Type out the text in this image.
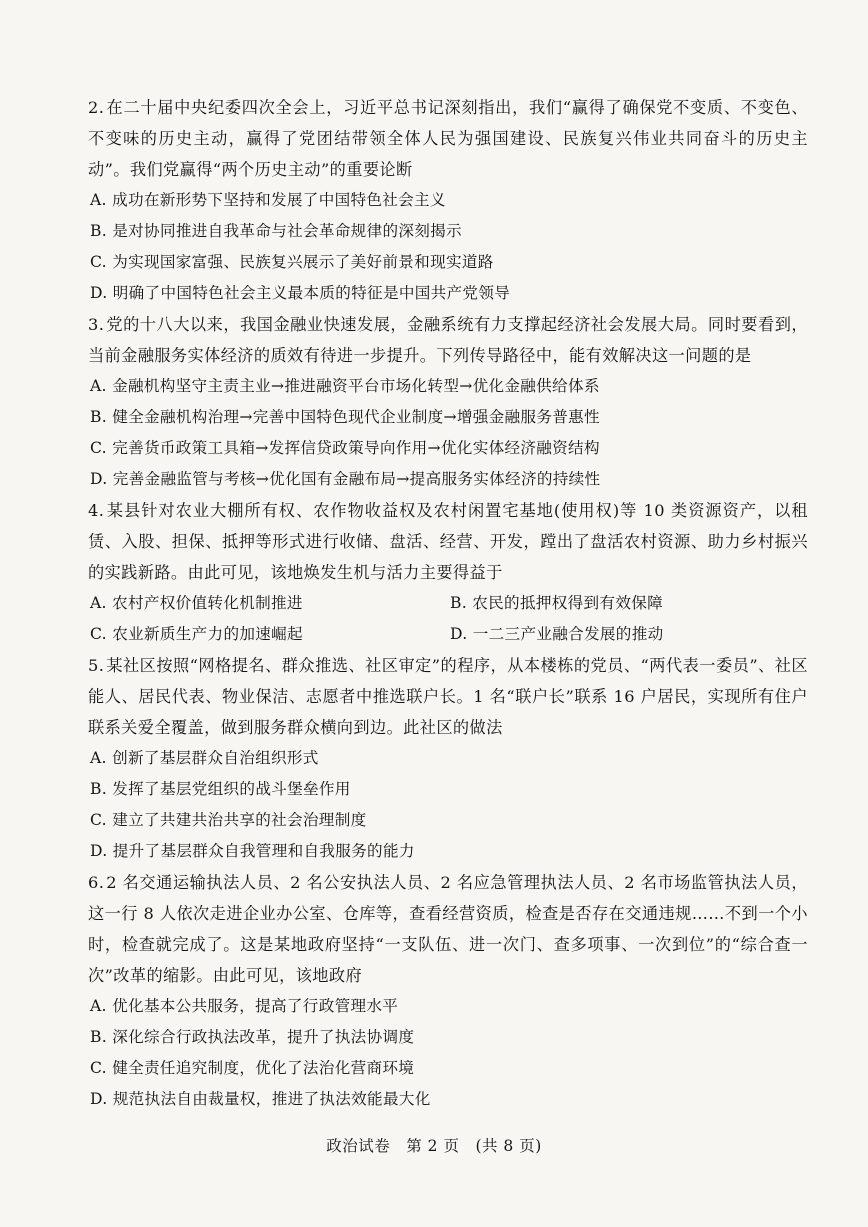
2. 在二十届中央纪委四次全会上，习近平总书记深刻指出，我们“赢得了确保党不变质、不变色、不变味的历史主动，赢得了党团结带领全体人民为强国建设、民族复兴伟业共同奋斗的历史主动”。我们党赢得“两个历史主动”的重要论断

A. 成功在新形势下坚持和发展了中国特色社会主义

B. 是对协同推进自我革命与社会革命规律的深刻揭示

C. 为实现国家富强、民族复兴展示了美好前景和现实道路

D. 明确了中国特色社会主义最本质的特征是中国共产党领导

3. 党的十八大以来，我国金融业快速发展，金融系统有力支撑起经济社会发展大局。同时要看到，当前金融服务实体经济的质效有待进一步提升。下列传导路径中，能有效解决这一问题的是

A. 金融机构坚守主责主业→推进融资平台市场化转型→优化金融供给体系

B. 健全金融机构治理→完善中国特色现代企业制度→增强金融服务普惠性

C. 完善货币政策工具箱→发挥信贷政策导向作用→优化实体经济融资结构

D. 完善金融监管与考核→优化国有金融布局→提高服务实体经济的持续性

4. 某县针对农业大棚所有权、农作物收益权及农村闲置宅基地(使用权)等 10 类资源资产，以租赁、入股、担保、抵押等形式进行收储、盘活、经营、开发，蹚出了盘活农村资源、助力乡村振兴的实践新路。由此可见，该地焕发生机与活力主要得益于

A. 农村产权价值转化机制推进	B. 农民的抵押权得到有效保障

C. 农业新质生产力的加速崛起	D. 一二三产业融合发展的推动

5. 某社区按照“网格提名、群众推选、社区审定”的程序，从本楼栋的党员、“两代表一委员”、社区能人、居民代表、物业保洁、志愿者中推选联户长。1 名“联户长”联系 16 户居民，实现所有住户联系关爱全覆盖，做到服务群众横向到边。此社区的做法

A. 创新了基层群众自治组织形式

B. 发挥了基层党组织的战斗堡垒作用

C. 建立了共建共治共享的社会治理制度

D. 提升了基层群众自我管理和自我服务的能力

6. 2 名交通运输执法人员、2 名公安执法人员、2 名应急管理执法人员、2 名市场监管执法人员，这一行 8 人依次走进企业办公室、仓库等，查看经营资质，检查是否存在交通违规……不到一个小时，检查就完成了。这是某地政府坚持“一支队伍、进一次门、查多项事、一次到位”的“综合查一次”改革的缩影。由此可见，该地政府

A. 优化基本公共服务，提高了行政管理水平

B. 深化综合行政执法改革，提升了执法协调度

C. 健全责任追究制度，优化了法治化营商环境

D. 规范执法自由裁量权，推进了执法效能最大化

政治试卷　第 2 页　(共 8 页)
